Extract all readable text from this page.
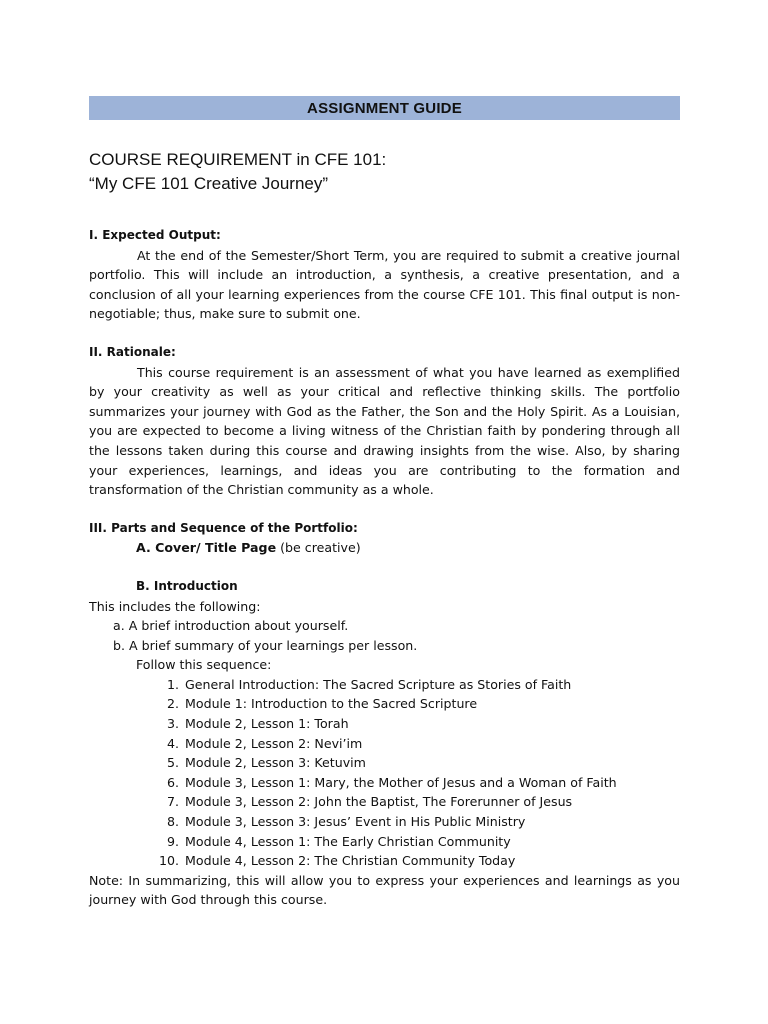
ASSIGNMENT GUIDE

COURSE REQUIREMENT in CFE 101:

“My CFE 101 Creative Journey”

I. Expected Output:

At the end of the Semester/Short Term, you are required to submit a creative journal portfolio. This will include an introduction, a synthesis, a creative presentation, and a conclusion of all your learning experiences from the course CFE 101. This final output is non-negotiable; thus, make sure to submit one.

II. Rationale:

This course requirement is an assessment of what you have learned as exemplified by your creativity as well as your critical and reflective thinking skills. The portfolio summarizes your journey with God as the Father, the Son and the Holy Spirit. As a Louisian, you are expected to become a living witness of the Christian faith by pondering through all the lessons taken during this course and drawing insights from the wise. Also, by sharing your experiences, learnings, and ideas you are contributing to the formation and transformation of the Christian community as a whole.

III. Parts and Sequence of the Portfolio:
A. Cover/ Title Page (be creative)
B. Introduction
This includes the following:
a. A brief introduction about yourself.
b. A brief summary of your learnings per lesson.
Follow this sequence:
1. General Introduction: The Sacred Scripture as Stories of Faith
2. Module 1: Introduction to the Sacred Scripture
3. Module 2, Lesson 1: Torah
4. Module 2, Lesson 2: Nevi’im
5. Module 2, Lesson 3: Ketuvim
6. Module 3, Lesson 1: Mary, the Mother of Jesus and a Woman of Faith
7. Module 3, Lesson 2: John the Baptist, The Forerunner of Jesus
8. Module 3, Lesson 3: Jesus’ Event in His Public Ministry
9. Module 4, Lesson 1: The Early Christian Community
10. Module 4, Lesson 2: The Christian Community Today

Note: In summarizing, this will allow you to express your experiences and learnings as you journey with God through this course.
